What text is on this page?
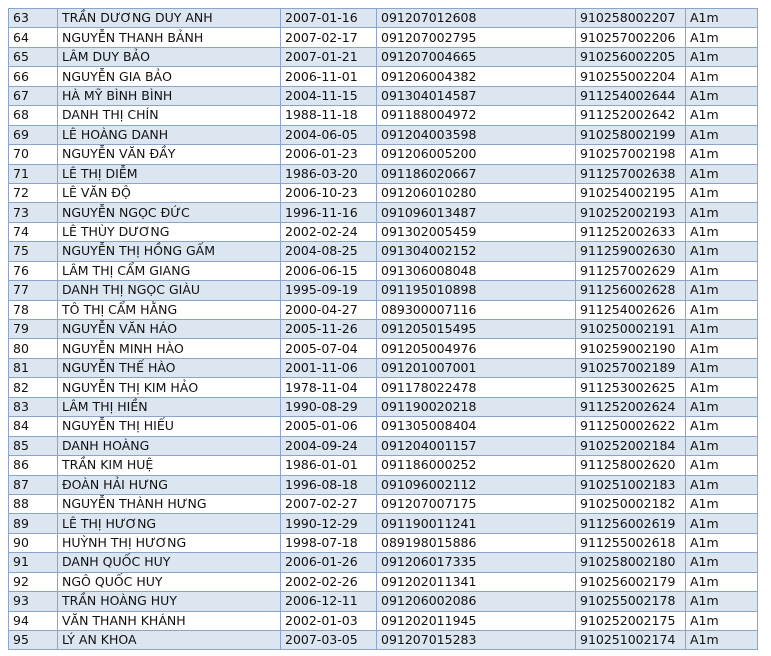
63	TRẦN DƯƠNG DUY ANH	2007-01-16	091207012608	910258002207	A1m
64	NGUYỄN THANH BẢNH	2007-02-17	091207002795	910257002206	A1m
65	LÂM DUY BẢO	2007-01-21	091207004665	910256002205	A1m
66	NGUYỄN GIA BẢO	2006-11-01	091206004382	910255002204	A1m
67	HÀ MỸ BÌNH BÌNH	2004-11-15	091304014587	911254002644	A1m
68	DANH THỊ CHÍN	1988-11-18	091188004972	911252002642	A1m
69	LÊ HOÀNG DANH	2004-06-05	091204003598	910258002199	A1m
70	NGUYỄN VĂN ĐẦY	2006-01-23	091206005200	910257002198	A1m
71	LÊ THỊ DIỄM	1986-03-20	091186020667	911257002638	A1m
72	LÊ VĂN ĐỘ	2006-10-23	091206010280	910254002195	A1m
73	NGUYỄN NGỌC ĐỨC	1996-11-16	091096013487	910252002193	A1m
74	LÊ THÙY DƯƠNG	2002-02-24	091302005459	911252002633	A1m
75	NGUYỄN THỊ HỒNG GẤM	2004-08-25	091304002152	911259002630	A1m
76	LÂM THỊ CẨM GIANG	2006-06-15	091306008048	911257002629	A1m
77	DANH THỊ NGỌC GIÀU	1995-09-19	091195010898	911256002628	A1m
78	TÔ THỊ CẨM HẰNG	2000-04-27	089300007116	911254002626	A1m
79	NGUYỄN VĂN HÁO	2005-11-26	091205015495	910250002191	A1m
80	NGUYỄN MINH HÀO	2005-07-04	091205004976	910259002190	A1m
81	NGUYỄN THẾ HÀO	2001-11-06	091201007001	910257002189	A1m
82	NGUYỄN THỊ KIM HẢO	1978-11-04	091178022478	911253002625	A1m
83	LÂM THỊ HIỀN	1990-08-29	091190020218	911252002624	A1m
84	NGUYỄN THỊ HIẾU	2005-01-06	091305008404	911250002622	A1m
85	DANH HOÀNG	2004-09-24	091204001157	910252002184	A1m
86	TRẦN KIM HUỆ	1986-01-01	091186000252	911258002620	A1m
87	ĐOÀN HẢI HƯNG	1996-08-18	091096002112	910251002183	A1m
88	NGUYỄN THÀNH HƯNG	2007-02-27	091207007175	910250002182	A1m
89	LÊ THỊ HƯƠNG	1990-12-29	091190011241	911256002619	A1m
90	HUỲNH THỊ HƯƠNG	1998-07-18	089198015886	911255002618	A1m
91	DANH QUỐC HUY	2006-01-26	091206017335	910258002180	A1m
92	NGÔ QUỐC HUY	2002-02-26	091202011341	910256002179	A1m
93	TRẦN HOÀNG HUY	2006-12-11	091206002086	910255002178	A1m
94	VĂN THANH KHÁNH	2002-01-03	091202011945	910252002175	A1m
95	LÝ AN KHOA	2007-03-05	091207015283	910251002174	A1m
